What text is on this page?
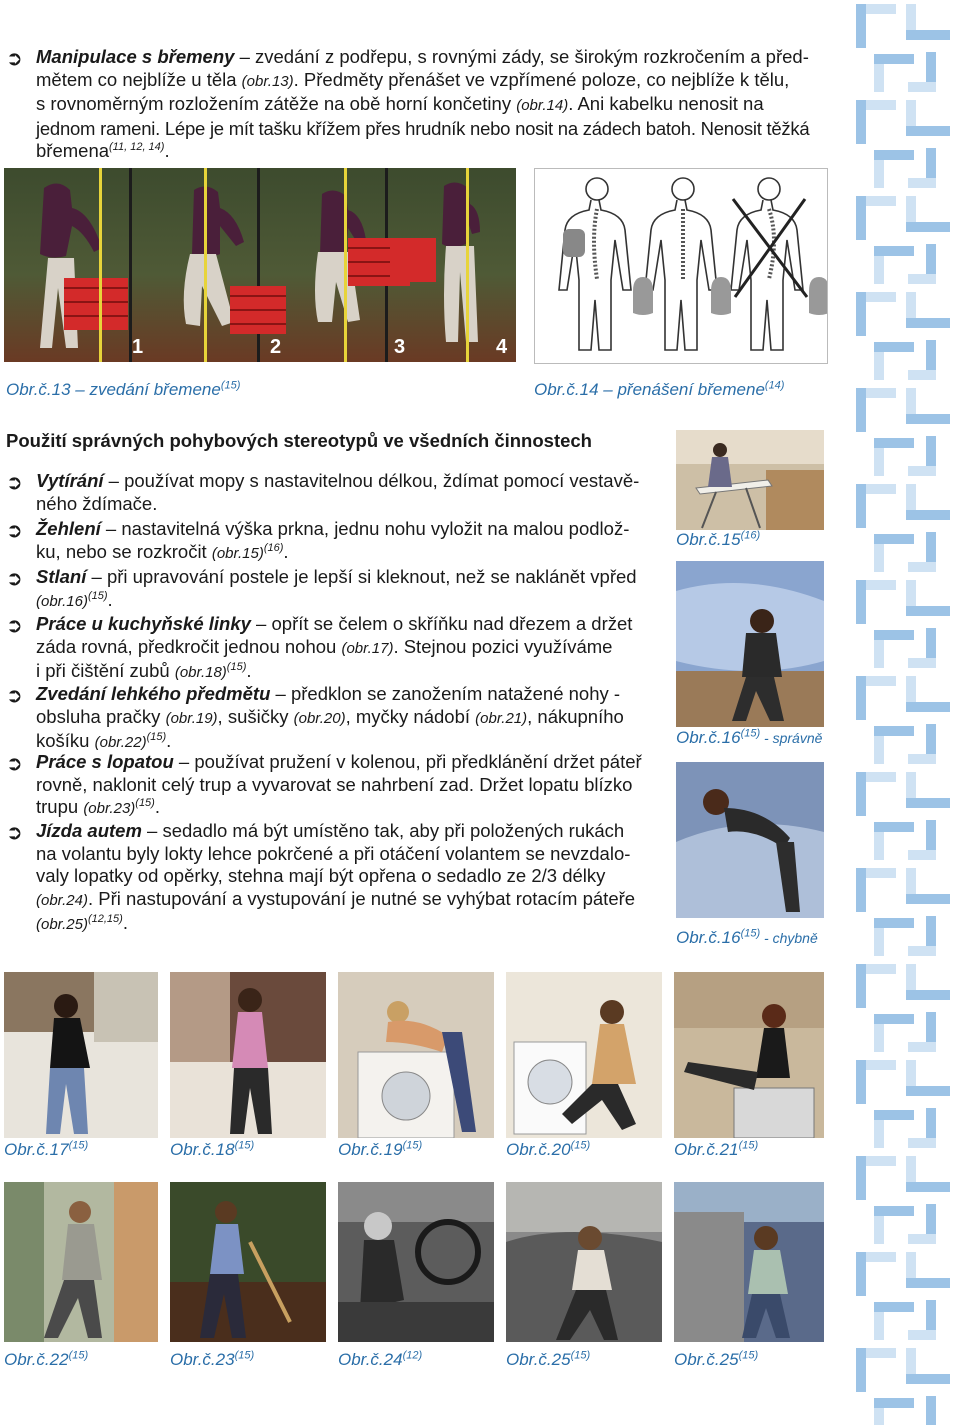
➲ Manipulace s břemeny – zvedání z podřepu, s rovnými zády, se širokým rozkročením a před-
mětem co nejblíže u těla (obr.13). Předměty přenášet ve vzpřímené poloze, co nejblíže k tělu,
s rovnoměrným rozložením zátěže na obě horní končetiny (obr.14). Ani kabelku nenosit na
jednom rameni. Lépe je mít tašku křížem přes hrudník nebo nosit na zádech batoh. Nenosit těžká
břemena$^{(11, 12, 14)}$.
1	2	3	4
Obr.č.13 – zvedání břemene$^{(15)}$	Obr.č.14 – přenášení břemene$^{(14)}$
Použití správných pohybových stereotypů ve všedních činnostech
➲ Vytírání – používat mopy s nastavitelnou délkou, ždímat pomocí vestavě-
ného ždímače.
➲ Žehlení – nastavitelná výška prkna, jednu nohu vyložit na malou podlož-
ku, nebo se rozkročit $(obr.15)^{(16)}$.
➲ Stlaní – při upravování postele je lepší si kleknout, než se naklánět vpřed
$(obr.16)^{(15)}$.
➲ Práce u kuchyňské linky – opřít se čelem o skříňku nad dřezem a držet
záda rovná, předkročit jednou nohou (obr.17). Stejnou pozici využíváme
i při čištění zubů $(obr.18)^{(15)}$.
➲ Zvedání lehkého předmětu – předklon se zanožením natažené nohy -
obsluha pračky (obr.19), sušičky (obr.20), myčky nádobí (obr.21), nákupního
košíku $(obr.22)^{(15)}$.
➲ Práce s lopatou – používat pružení v kolenou, při předklánění držet páteř
rovně, naklonit celý trup a vyvarovat se nahrbení zad. Držet lopatu blízko
trupu $(obr.23)^{(15)}$.
➲ Jízda autem – sedadlo má být umístěno tak, aby při položených rukách
na volantu byly lokty lehce pokrčené a při otáčení volantem se nevzdalo-
valy lopatky od opěrky, stehna mají být opřena o sedadlo ze 2/3 délky
(obr.24). Při nastupování a vystupování je nutné se vyhýbat rotacím páteře
$(obr.25)^{(12,15)}$.
Obr.č.15$^{(16)}$
Obr.č.16$^{(15)}$ - správně
Obr.č.16$^{(15)}$ - chybně
Obr.č.17$^{(15)}$	Obr.č.18$^{(15)}$	Obr.č.19$^{(15)}$	Obr.č.20$^{(15)}$	Obr.č.21$^{(15)}$
Obr.č.22$^{(15)}$	Obr.č.23$^{(15)}$	Obr.č.24$^{(12)}$	Obr.č.25$^{(15)}$	Obr.č.25$^{(15)}$
